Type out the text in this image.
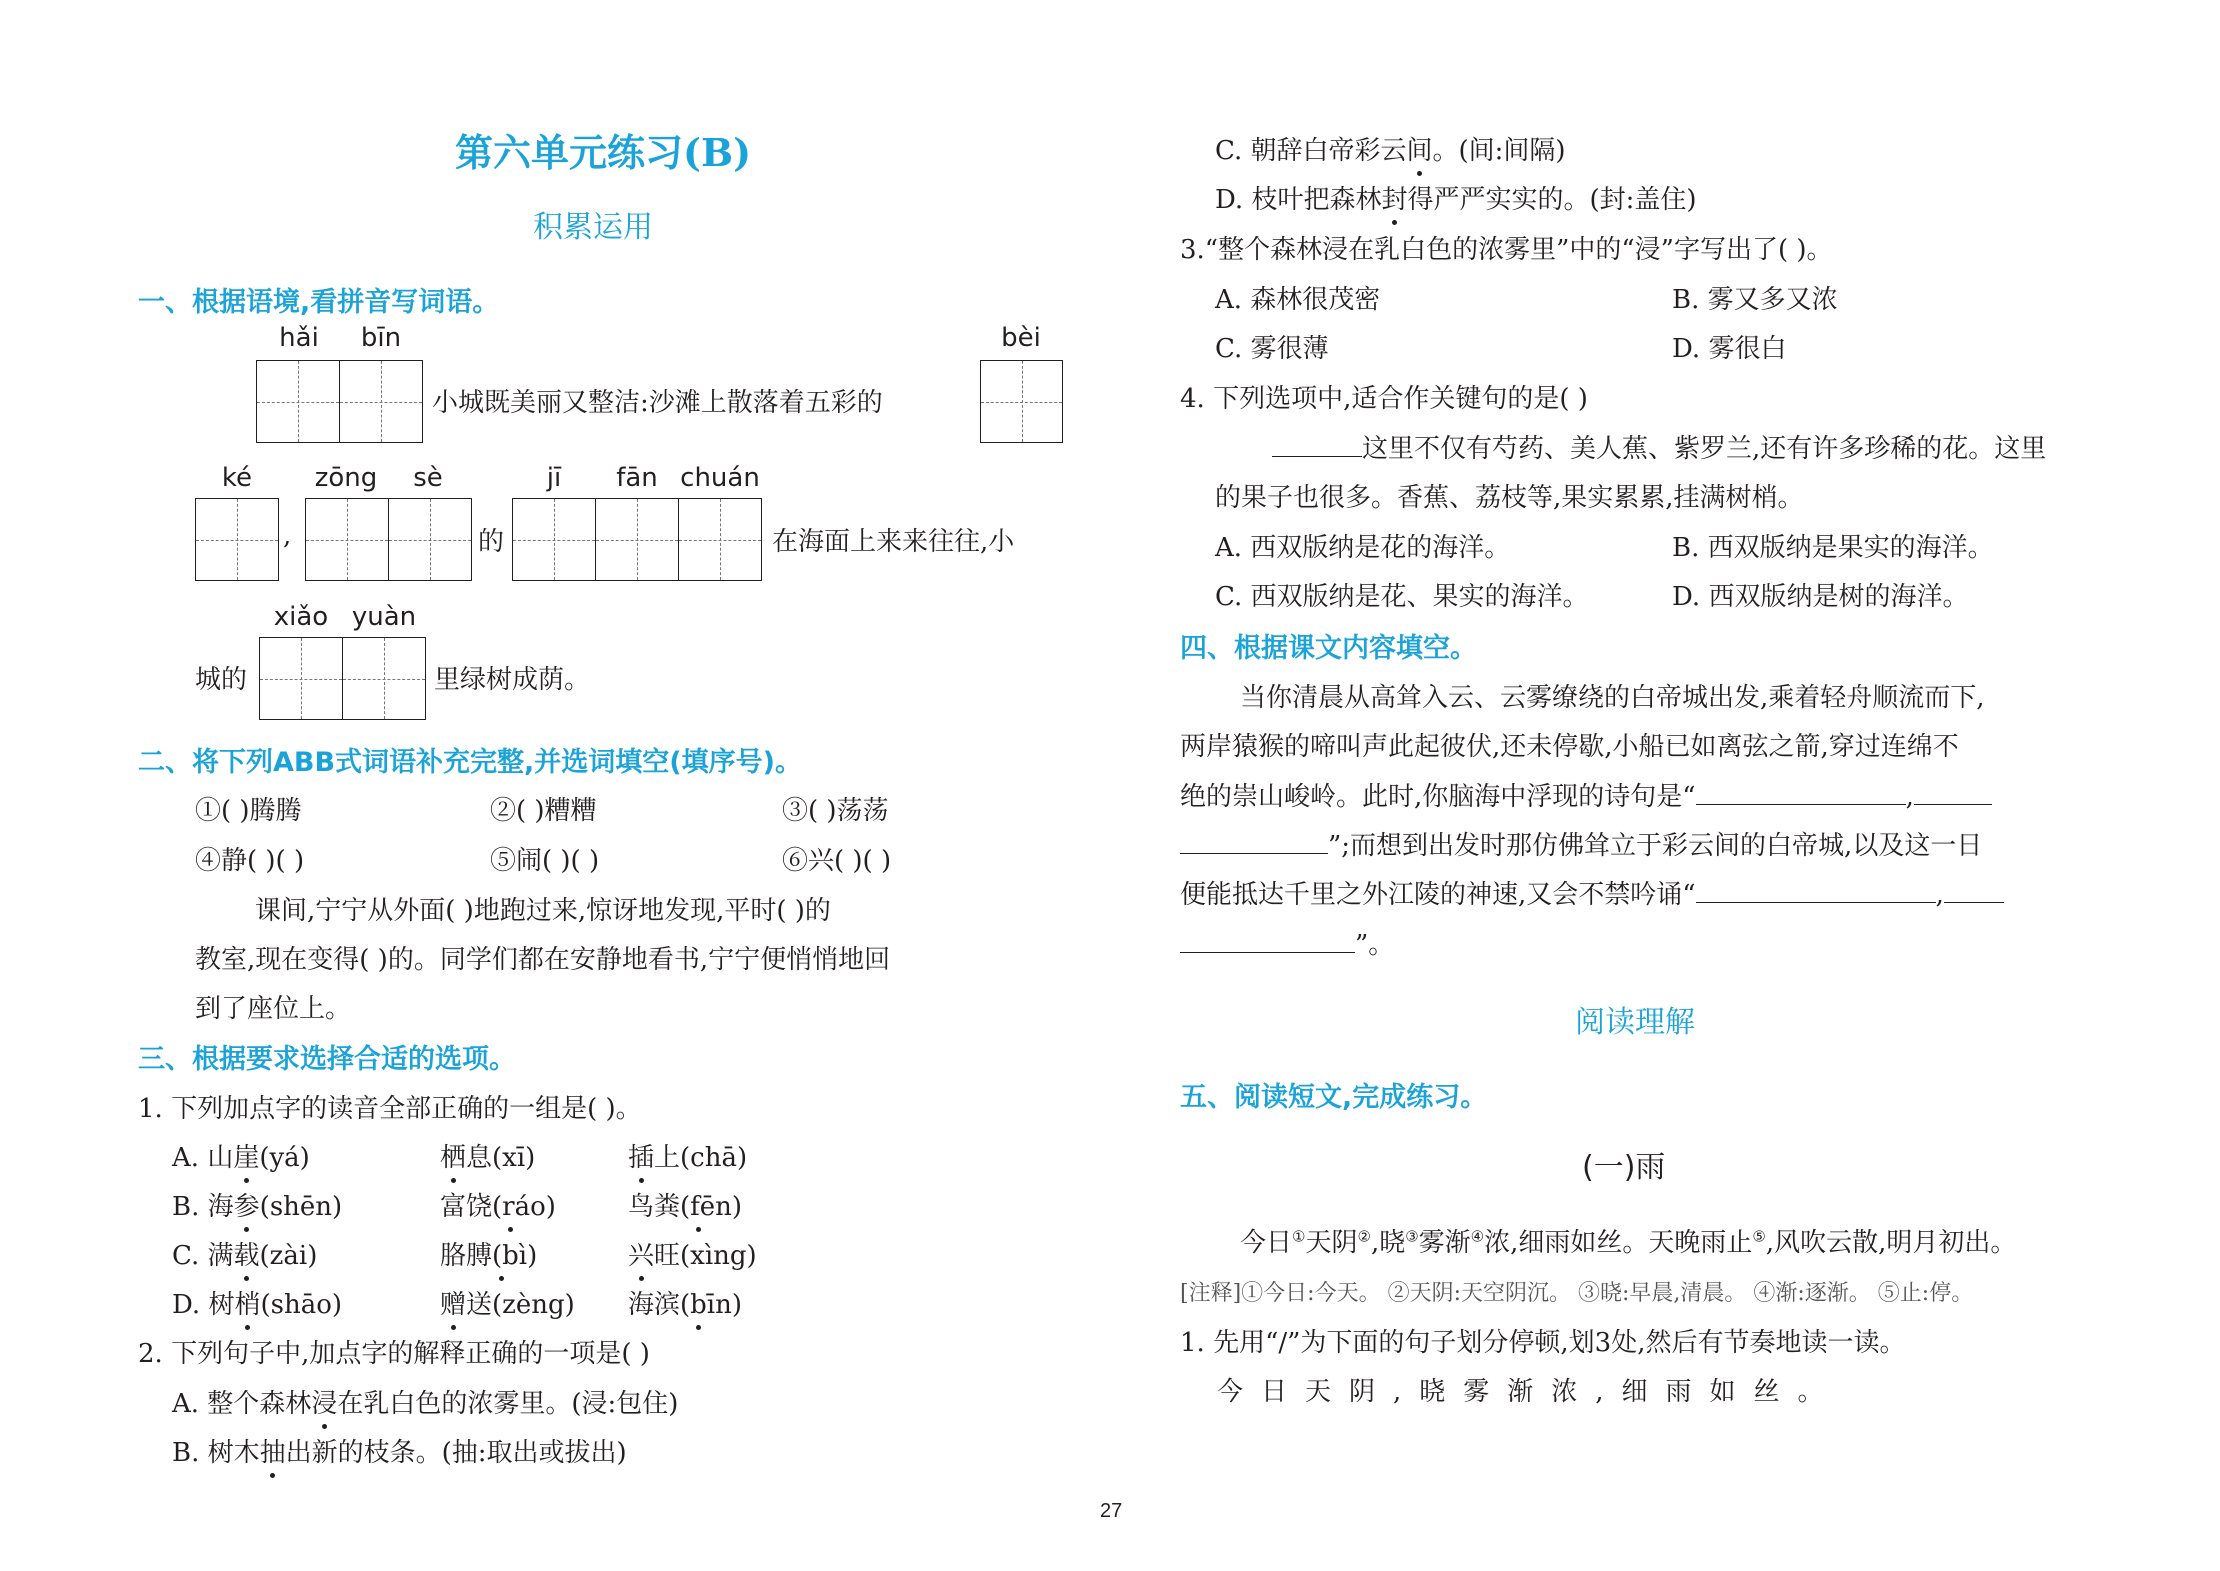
第六单元练习(B)
积累运用
一、根据语境,看拼音写词语。
hǎi	bīn	bèi
小城既美丽又整洁:沙滩上散落着五彩的
ké	zōng	sè	jī	fān chuán
,	的	在海面上来来往往,小
xiǎo yuàn
城的	里绿树成荫。
二、将下列ABB式词语补充完整,并选词填空(填序号)。
①( )腾腾	②( )糟糟	③( )荡荡
④静( )( )	⑤闹( )( )	⑥兴( )( )
课间,宁宁从外面( )地跑过来,惊讶地发现,平时( )的
教室,现在变得( )的。同学们都在安静地看书,宁宁便悄悄地回
到了座位上。
三、根据要求选择合适的选项。
1. 下列加点字的读音全部正确的一组是( )。
A. 山崖(yá)	栖息(xī)	插上(chā)
B. 海参(shēn)	富饶(ráo)	鸟粪(fēn)
C. 满载(zài)	胳膊(bì)	兴旺(xìng)
D. 树梢(shāo)	赠送(zèng) 海滨(bīn)
2. 下列句子中,加点字的解释正确的一项是( )
A. 整个森林浸在乳白色的浓雾里。(浸:包住)
B. 树木抽出新的枝条。(抽:取出或拔出)
C. 朝辞白帝彩云间。(间:间隔)
D. 枝叶把森林封得严严实实的。(封:盖住)
3.“整个森林浸在乳白色的浓雾里”中的“浸”字写出了( )。
A. 森林很茂密	B. 雾又多又浓
C. 雾很薄	D. 雾很白
4. 下列选项中,适合作关键句的是( )
这里不仅有芍药、美人蕉、紫罗兰,还有许多珍稀的花。这里
的果子也很多。香蕉、荔枝等,果实累累,挂满树梢。
A. 西双版纳是花的海洋。	B. 西双版纳是果实的海洋。
C. 西双版纳是花、果实的海洋。	D. 西双版纳是树的海洋。
四、根据课文内容填空。
当你清晨从高耸入云、云雾缭绕的白帝城出发,乘着轻舟顺流而下,
两岸猿猴的啼叫声此起彼伏,还未停歇,小船已如离弦之箭,穿过连绵不
绝的崇山峻岭。此时,你脑海中浮现的诗句是“	,
”;而想到出发时那仿佛耸立于彩云间的白帝城,以及这一日
便能抵达千里之外江陵的神速,又会不禁吟诵“	,
”。
阅读理解
五、阅读短文,完成练习。
(一)雨
今日①天阴②,晓③雾渐④浓,细雨如丝。天晚雨止⑤,风吹云散,明月初出。
[注释]①今日:今天。 ②天阴:天空阴沉。 ③晓:早晨,清晨。 ④渐:逐渐。 ⑤止:停。
1. 先用“/”为下面的句子划分停顿,划3处,然后有节奏地读一读。
今日天阴,晓雾渐浓,细雨如丝。
27
